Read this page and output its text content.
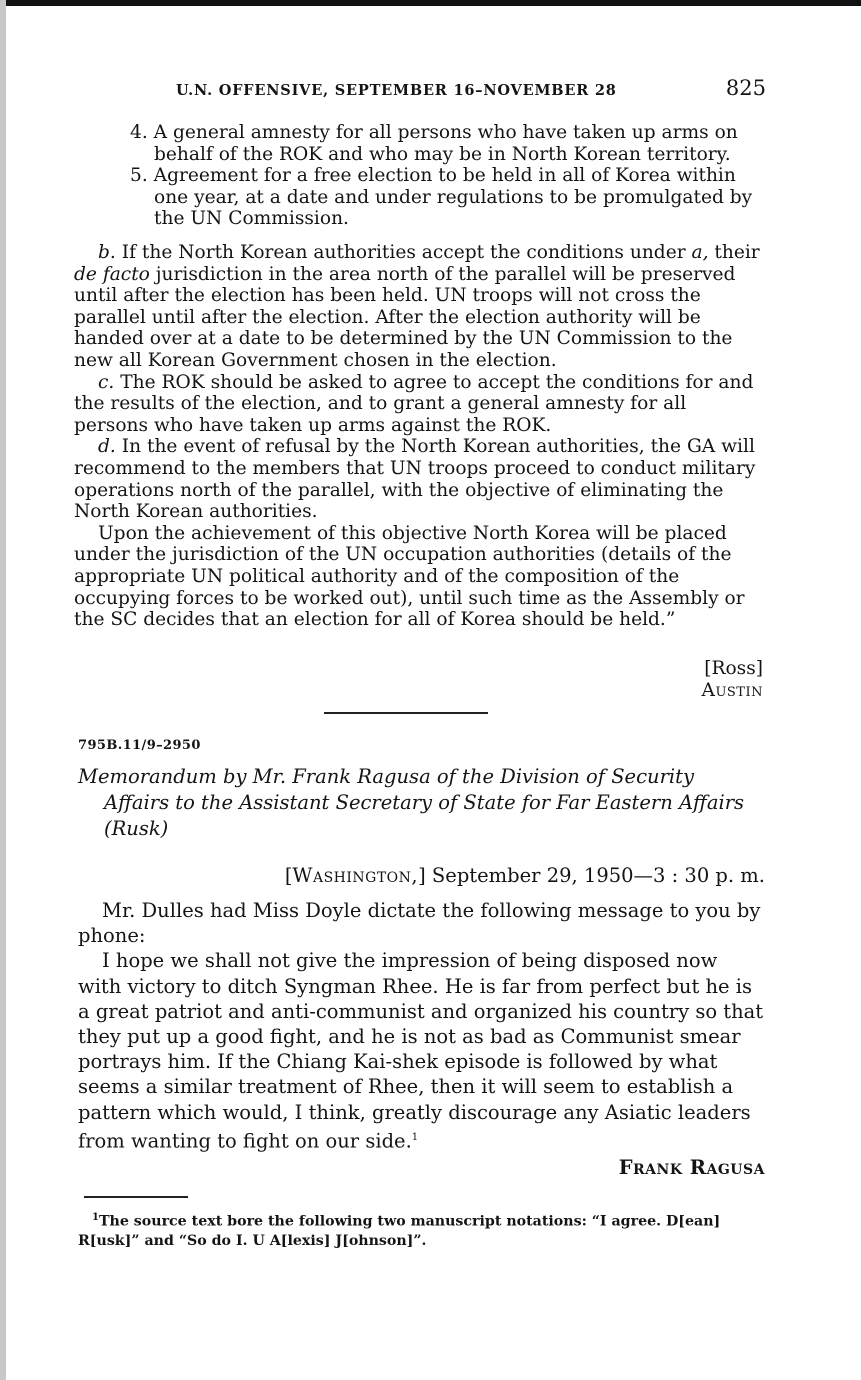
U.N. OFFENSIVE, SEPTEMBER 16–NOVEMBER 28	825

4. A general amnesty for all persons who have taken up arms on behalf of the ROK and who may be in North Korean territory.

5. Agreement for a free election to be held in all of Korea within one year, at a date and under regulations to be promulgated by the UN Commission.

b. If the North Korean authorities accept the conditions under a, their de facto jurisdiction in the area north of the parallel will be preserved until after the election has been held. UN troops will not cross the parallel until after the election. After the election authority will be handed over at a date to be determined by the UN Commission to the new all Korean Government chosen in the election.

c. The ROK should be asked to agree to accept the conditions for and the results of the election, and to grant a general amnesty for all persons who have taken up arms against the ROK.

d. In the event of refusal by the North Korean authorities, the GA will recommend to the members that UN troops proceed to conduct military operations north of the parallel, with the objective of eliminating the North Korean authorities.

Upon the achievement of this objective North Korea will be placed under the jurisdiction of the UN occupation authorities (details of the appropriate UN political authority and of the composition of the occupying forces to be worked out), until such time as the Assembly or the SC decides that an election for all of Korea should be held.”

[Ross]
Austin
795B.11/9–2950

Memorandum by Mr. Frank Ragusa of the Division of Security Affairs to the Assistant Secretary of State for Far Eastern Affairs (Rusk)

[Washington,] September 29, 1950—3 : 30 p. m.

Mr. Dulles had Miss Doyle dictate the following message to you by phone:

I hope we shall not give the impression of being disposed now with victory to ditch Syngman Rhee. He is far from perfect but he is a great patriot and anti-communist and organized his country so that they put up a good fight, and he is not as bad as Communist smear portrays him. If the Chiang Kai-shek episode is followed by what seems a similar treatment of Rhee, then it will seem to establish a pattern which would, I think, greatly discourage any Asiatic leaders from wanting to fight on our side.$^1$

Frank Ragusa
$^1$The source text bore the following two manuscript notations: “I agree. D[ean] R[usk]” and “So do I. U A[lexis] J[ohnson]”.
